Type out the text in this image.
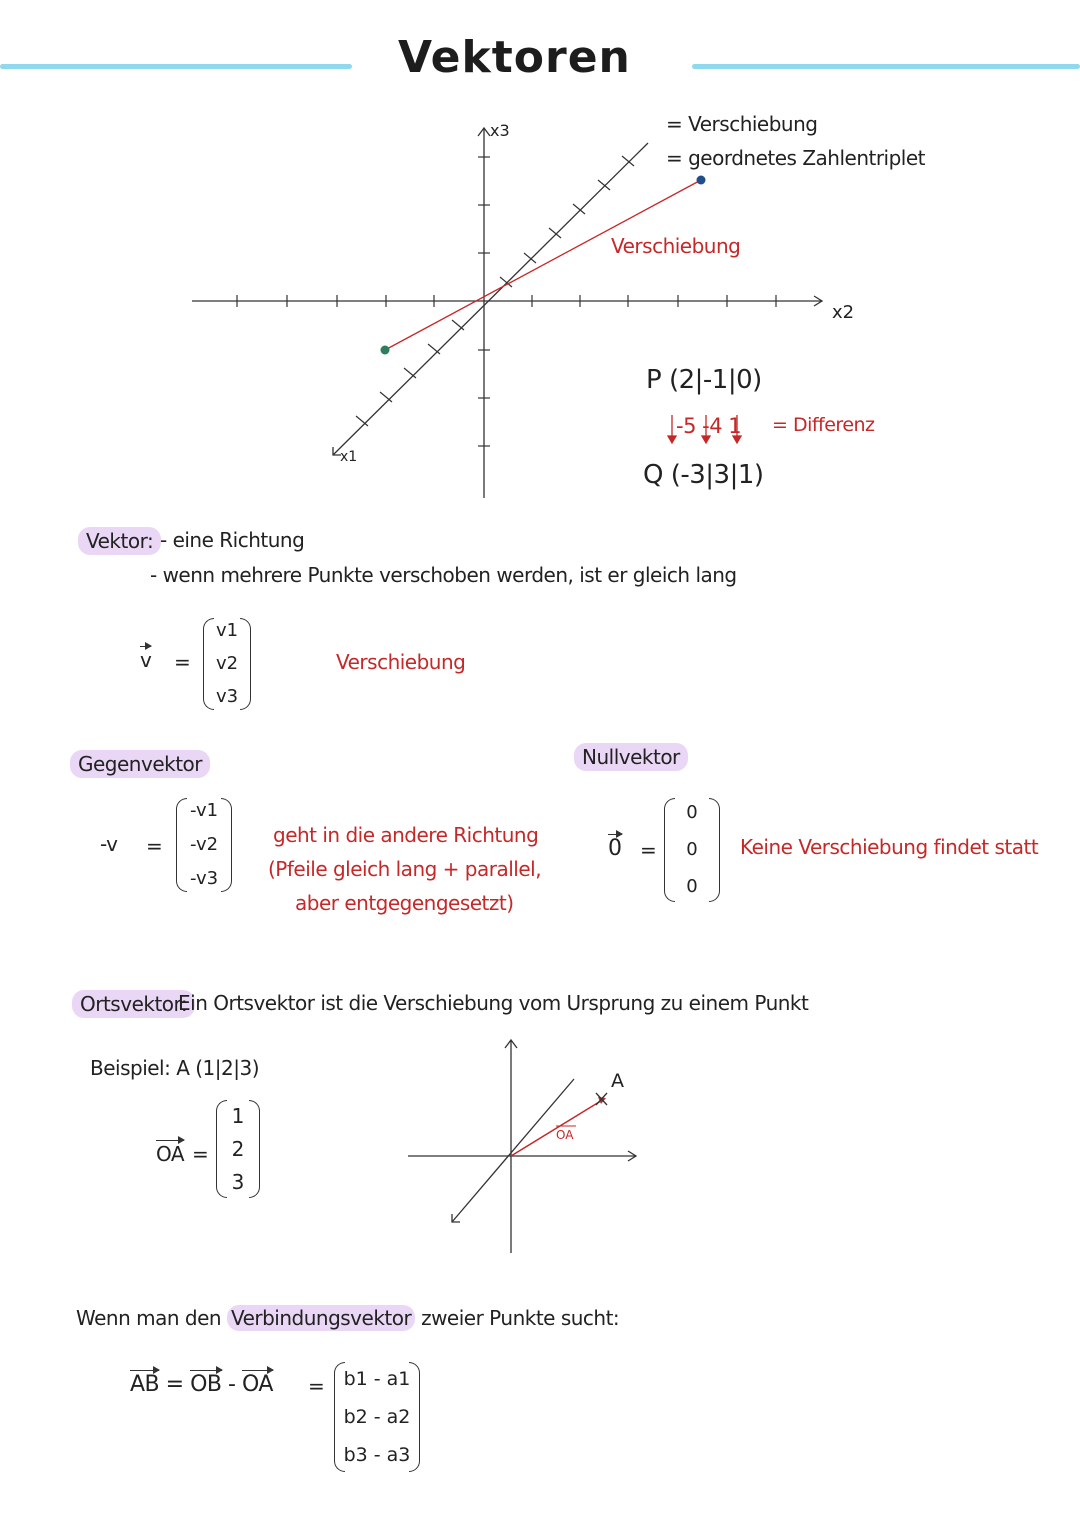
Vektoren
x3
x2
x1
Verschiebung
= Verschiebung
= geordnetes Zahlentriplet
P (2|-1|0)
-5 -4 1 = Differenz
Q (-3|3|1)
Vektor: - eine Richtung
- wenn mehrere Punkte verschoben werden, ist er gleich lang
v =
v1
v2
v3
Verschiebung
Gegenvektor
-v =
-v1
-v2
-v3
geht in die andere Richtung
(Pfeile gleich lang + parallel,
aber entgegengesetzt)
Nullvektor
0 =
0
0
0
Keine Verschiebung findet statt
Ortsvektor:
Ein Ortsvektor ist die Verschiebung vom Ursprung zu einem Punkt
Beispiel: A (1|2|3)
OA =
1
2
3
A
OA
Wenn man den Verbindungsvektor zweier Punkte sucht:
AB = OB - OA = b1 - a1
b2 - a2
b3 - a3
